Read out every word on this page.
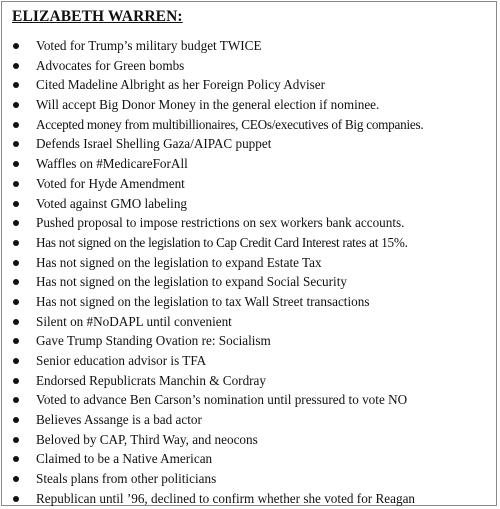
ELIZABETH WARREN:
Voted for Trump’s military budget TWICE
Advocates for Green bombs
Cited Madeline Albright as her Foreign Policy Adviser
Will accept Big Donor Money in the general election if nominee.
Accepted money from multibillionaires, CEOs/executives of Big companies.
Defends Israel Shelling Gaza/AIPAC puppet
Waffles on #MedicareForAll
Voted for Hyde Amendment
Voted against GMO labeling
Pushed proposal to impose restrictions on sex workers bank accounts.
Has not signed on the legislation to Cap Credit Card Interest rates at 15%.
Has not signed on the legislation to expand Estate Tax
Has not signed on the legislation to expand Social Security
Has not signed on the legislation to tax Wall Street transactions
Silent on #NoDAPL until convenient
Gave Trump Standing Ovation re: Socialism
Senior education advisor is TFA
Endorsed Republicrats Manchin & Cordray
Voted to advance Ben Carson’s nomination until pressured to vote NO
Believes Assange is a bad actor
Beloved by CAP, Third Way, and neocons
Claimed to be a Native American
Steals plans from other politicians
Republican until ’96, declined to confirm whether she voted for Reagan
